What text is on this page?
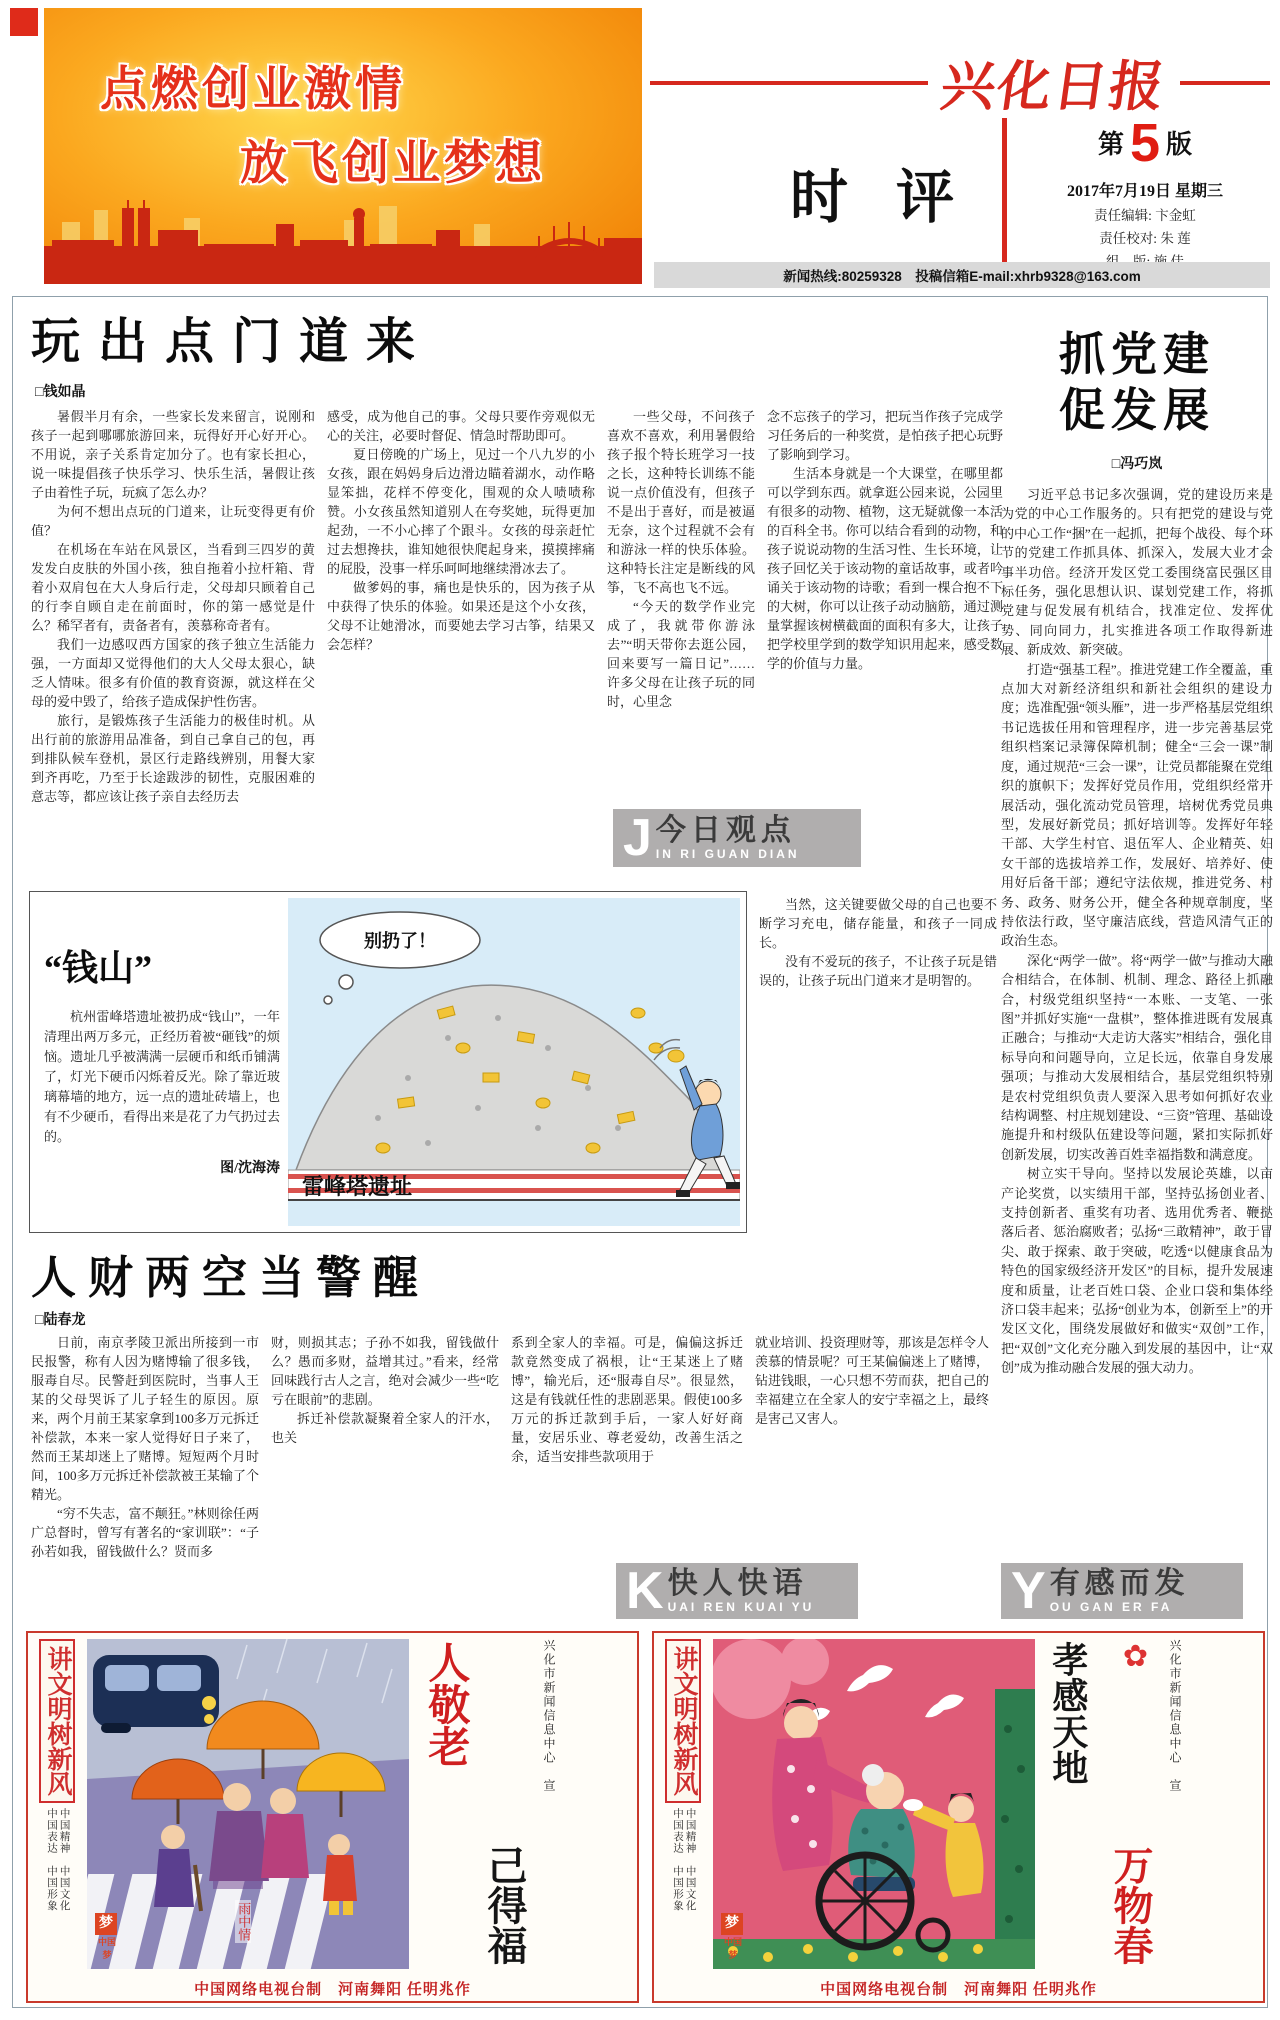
点燃创业激情
放飞创业梦想
兴化日报
时评
第 5 版
2017年7月19日 星期三
责任编辑: 卞金虹
责任校对: 朱 莲
新闻热线:80259328　投稿信箱E-mail:xhrb9328@163.com
玩出点门道来
□钱如晶

暑假半月有余，一些家长发来留言，说刚和孩子一起到哪哪旅游回来，玩得好开心好开心。不用说，亲子关系肯定加分了。也有家长担心，说一味提倡孩子快乐学习、快乐生活，暑假让孩子由着性子玩，玩疯了怎么办？

为何不想出点玩的门道来，让玩变得更有价值？

在机场在车站在风景区，当看到三四岁的黄发发白皮肤的外国小孩，独自拖着小拉杆箱、背着小双肩包在大人身后行走，父母却只顾着自己的行李自顾自走在前面时，你的第一感觉是什么？稀罕者有，责备者有，羡慕称奇者有。

我们一边感叹西方国家的孩子独立生活能力强，一方面却又觉得他们的大人父母太狠心，缺乏人情味。很多有价值的教育资源，就这样在父母的爱中毁了，给孩子造成保护性伤害。

旅行，是锻炼孩子生活能力的极佳时机。从出行前的旅游用品准备，到自己拿自己的包，再到排队候车登机，景区行走路线辨别，用餐大家到齐再吃，乃至于长途跋涉的韧性，克服困难的意志等，都应该让孩子亲自去经历去

感受，成为他自己的事。父母只要作旁观似无心的关注，必要时督促、情急时帮助即可。

夏日傍晚的广场上，见过一个八九岁的小女孩，跟在妈妈身后边滑边瞄着湖水，动作略显笨拙，花样不停变化，围观的众人啧啧称赞。小女孩虽然知道别人在夸奖她，玩得更加起劲，一不小心摔了个跟斗。女孩的母亲赶忙过去想搀扶，谁知她很快爬起身来，摸摸摔痛的屁股，没事一样乐呵呵地继续滑冰去了。

做爹妈的事，痛也是快乐的，因为孩子从中获得了快乐的体验。如果还是这个小女孩，父母不让她滑冰，而要她去学习古筝，结果又会怎样？

一些父母，不问孩子喜欢不喜欢，利用暑假给孩子报个特长班学习一技之长，这种特长训练不能说一点价值没有，但孩子不是出于喜好，而是被逼无奈，这个过程就不会有和游泳一样的快乐体验。这种特长注定是断线的风筝，飞不高也飞不远。

“今天的数学作业完成了，我就带你游泳去”“明天带你去逛公园，回来要写一篇日记”……许多父母在让孩子玩的同时，心里念

念不忘孩子的学习，把玩当作孩子完成学习任务后的一种奖赏，是怕孩子把心玩野了影响到学习。

生活本身就是一个大课堂，在哪里都可以学到东西。就拿逛公园来说，公园里有很多的动物、植物，这无疑就像一本活的百科全书。你可以结合看到的动物，和孩子说说动物的生活习性、生长环境，让孩子回忆关于该动物的童话故事，或者吟诵关于该动物的诗歌；看到一棵合抱不下的大树，你可以让孩子动动脑筋，通过测量掌握该树横截面的面积有多大，让孩子把学校里学到的数学知识用起来，感受数学的价值与力量。

J 今日观点
IN RI GUAN DIAN
“钱山”
杭州雷峰塔遗址被扔成“钱山”，一年清理出两万多元，正经历着被“砸钱”的烦恼。遗址几乎被满满一层硬币和纸币铺满了，灯光下硬币闪烁着反光。除了靠近玻璃幕墙的地方，远一点的遗址砖墙上，也有不少硬币，看得出来是花了力气扔过去的。
图/沈海涛
别扔了！
雷峰塔遗址

当然，这关键要做父母的自己也要不断学习充电，储存能量，和孩子一同成长。

没有不爱玩的孩子，不让孩子玩是错误的，让孩子玩出门道来才是明智的。

人财两空当警醒
□陆春龙

日前，南京孝陵卫派出所接到一市民报警，称有人因为赌博输了很多钱，服毒自尽。民警赶到医院时，当事人王某的父母哭诉了儿子轻生的原因。原来，两个月前王某家拿到100多万元拆迁补偿款，本来一家人觉得好日子来了，然而王某却迷上了赌博。短短两个月时间，100多万元拆迁补偿款被王某输了个精光。

“穷不失志，富不颠狂。”林则徐任两广总督时，曾写有著名的“家训联”：“子孙若如我，留钱做什么？贤而多

财，则损其志；子孙不如我，留钱做什么？愚而多财，益增其过。”看来，经常回味践行古人之言，绝对会减少一些“吃亏在眼前”的悲剧。

拆迁补偿款凝聚着全家人的汗水，也关

系到全家人的幸福。可是，偏偏这拆迁款竟然变成了祸根，让“王某迷上了赌博”，输光后，还“服毒自尽”。很显然，这是有钱就任性的悲剧恶果。假使100多万元的拆迁款到手后，一家人好好商量，安居乐业、尊老爱幼，改善生活之余，适当安排些款项用于

就业培训、投资理财等，那该是怎样令人羡慕的情景呢？可王某偏偏迷上了赌博，钻进钱眼，一心只想不劳而获，把自己的幸福建立在全家人的安宁幸福之上，最终是害己又害人。

K 快人快语
UAI REN KUAI YU	Y 有感而发
OU GAN ER FA
抓党建
促发展
□冯巧岚

习近平总书记多次强调，党的建设历来是为党的中心工作服务的。只有把党的建设与党的中心工作“捆”在一起抓，把每个战役、每个环节的党建工作抓具体、抓深入，发展大业才会事半功倍。经济开发区党工委围绕富民强区目标任务，强化思想认识、谋划党建工作，将抓党建与促发展有机结合，找准定位、发挥优势、同向同力，扎实推进各项工作取得新进展、新成效、新突破。

打造“强基工程”。推进党建工作全覆盖，重点加大对新经济组织和新社会组织的建设力度；选准配强“领头雁”，进一步严格基层党组织书记选拔任用和管理程序，进一步完善基层党组织档案记录簿保障机制；健全“三会一课”制度，通过规范“三会一课”，让党员都能聚在党组织的旗帜下；发挥好党员作用，党组织经常开展活动，强化流动党员管理，培树优秀党员典型，发展好新党员；抓好培训等。发挥好年轻干部、大学生村官、退伍军人、企业精英、妇女干部的选拔培养工作，发展好、培养好、使用好后备干部；遵纪守法依规，推进党务、村务、政务、财务公开，健全各种规章制度，坚持依法行政，坚守廉洁底线，营造风清气正的政治生态。

深化“两学一做”。将“两学一做”与推动大融合相结合，在体制、机制、理念、路径上抓融合，村级党组织坚持“一本账、一支笔、一张图”并抓好实施“一盘棋”，整体推进既有发展真正融合；与推动“大走访大落实”相结合，强化目标导向和问题导向，立足长远，依靠自身发展强项；与推动大发展相结合，基层党组织特别是农村党组织负责人要深入思考如何抓好农业结构调整、村庄规划建设、“三资”管理、基础设施提升和村级队伍建设等问题，紧扣实际抓好创新发展，切实改善百姓幸福指数和满意度。

树立实干导向。坚持以发展论英雄，以亩产论奖赏，以实绩用干部，坚持弘扬创业者、支持创新者、重奖有功者、选用优秀者、鞭挞落后者、惩治腐败者；弘扬“三敢精神”，敢于冒尖、敢于探索、敢于突破，吃透“以健康食品为特色的国家级经济开发区”的目标，提升发展速度和质量，让老百姓口袋、企业口袋和集体经济口袋丰起来；弘扬“创业为本，创新至上”的开发区文化，围绕发展做好和做实“双创”工作，把“双创”文化充分融入到发展的基因中，让“双创”成为推动融合发展的强大动力。

讲文明树新风
中国精神　中国文化　中国表达　中国形象
雨中情
梦
中国梦
人敬老
己得福
兴化市新闻信息中心　宣
中国网络电视台制　河南舞阳 任明兆作
讲文明树新风
中国精神　中国文化　中国表达　中国形象
梦
中国梦
✿
孝感天地
万物春
兴化市新闻信息中心　宣
中国网络电视台制　河南舞阳 任明兆作
